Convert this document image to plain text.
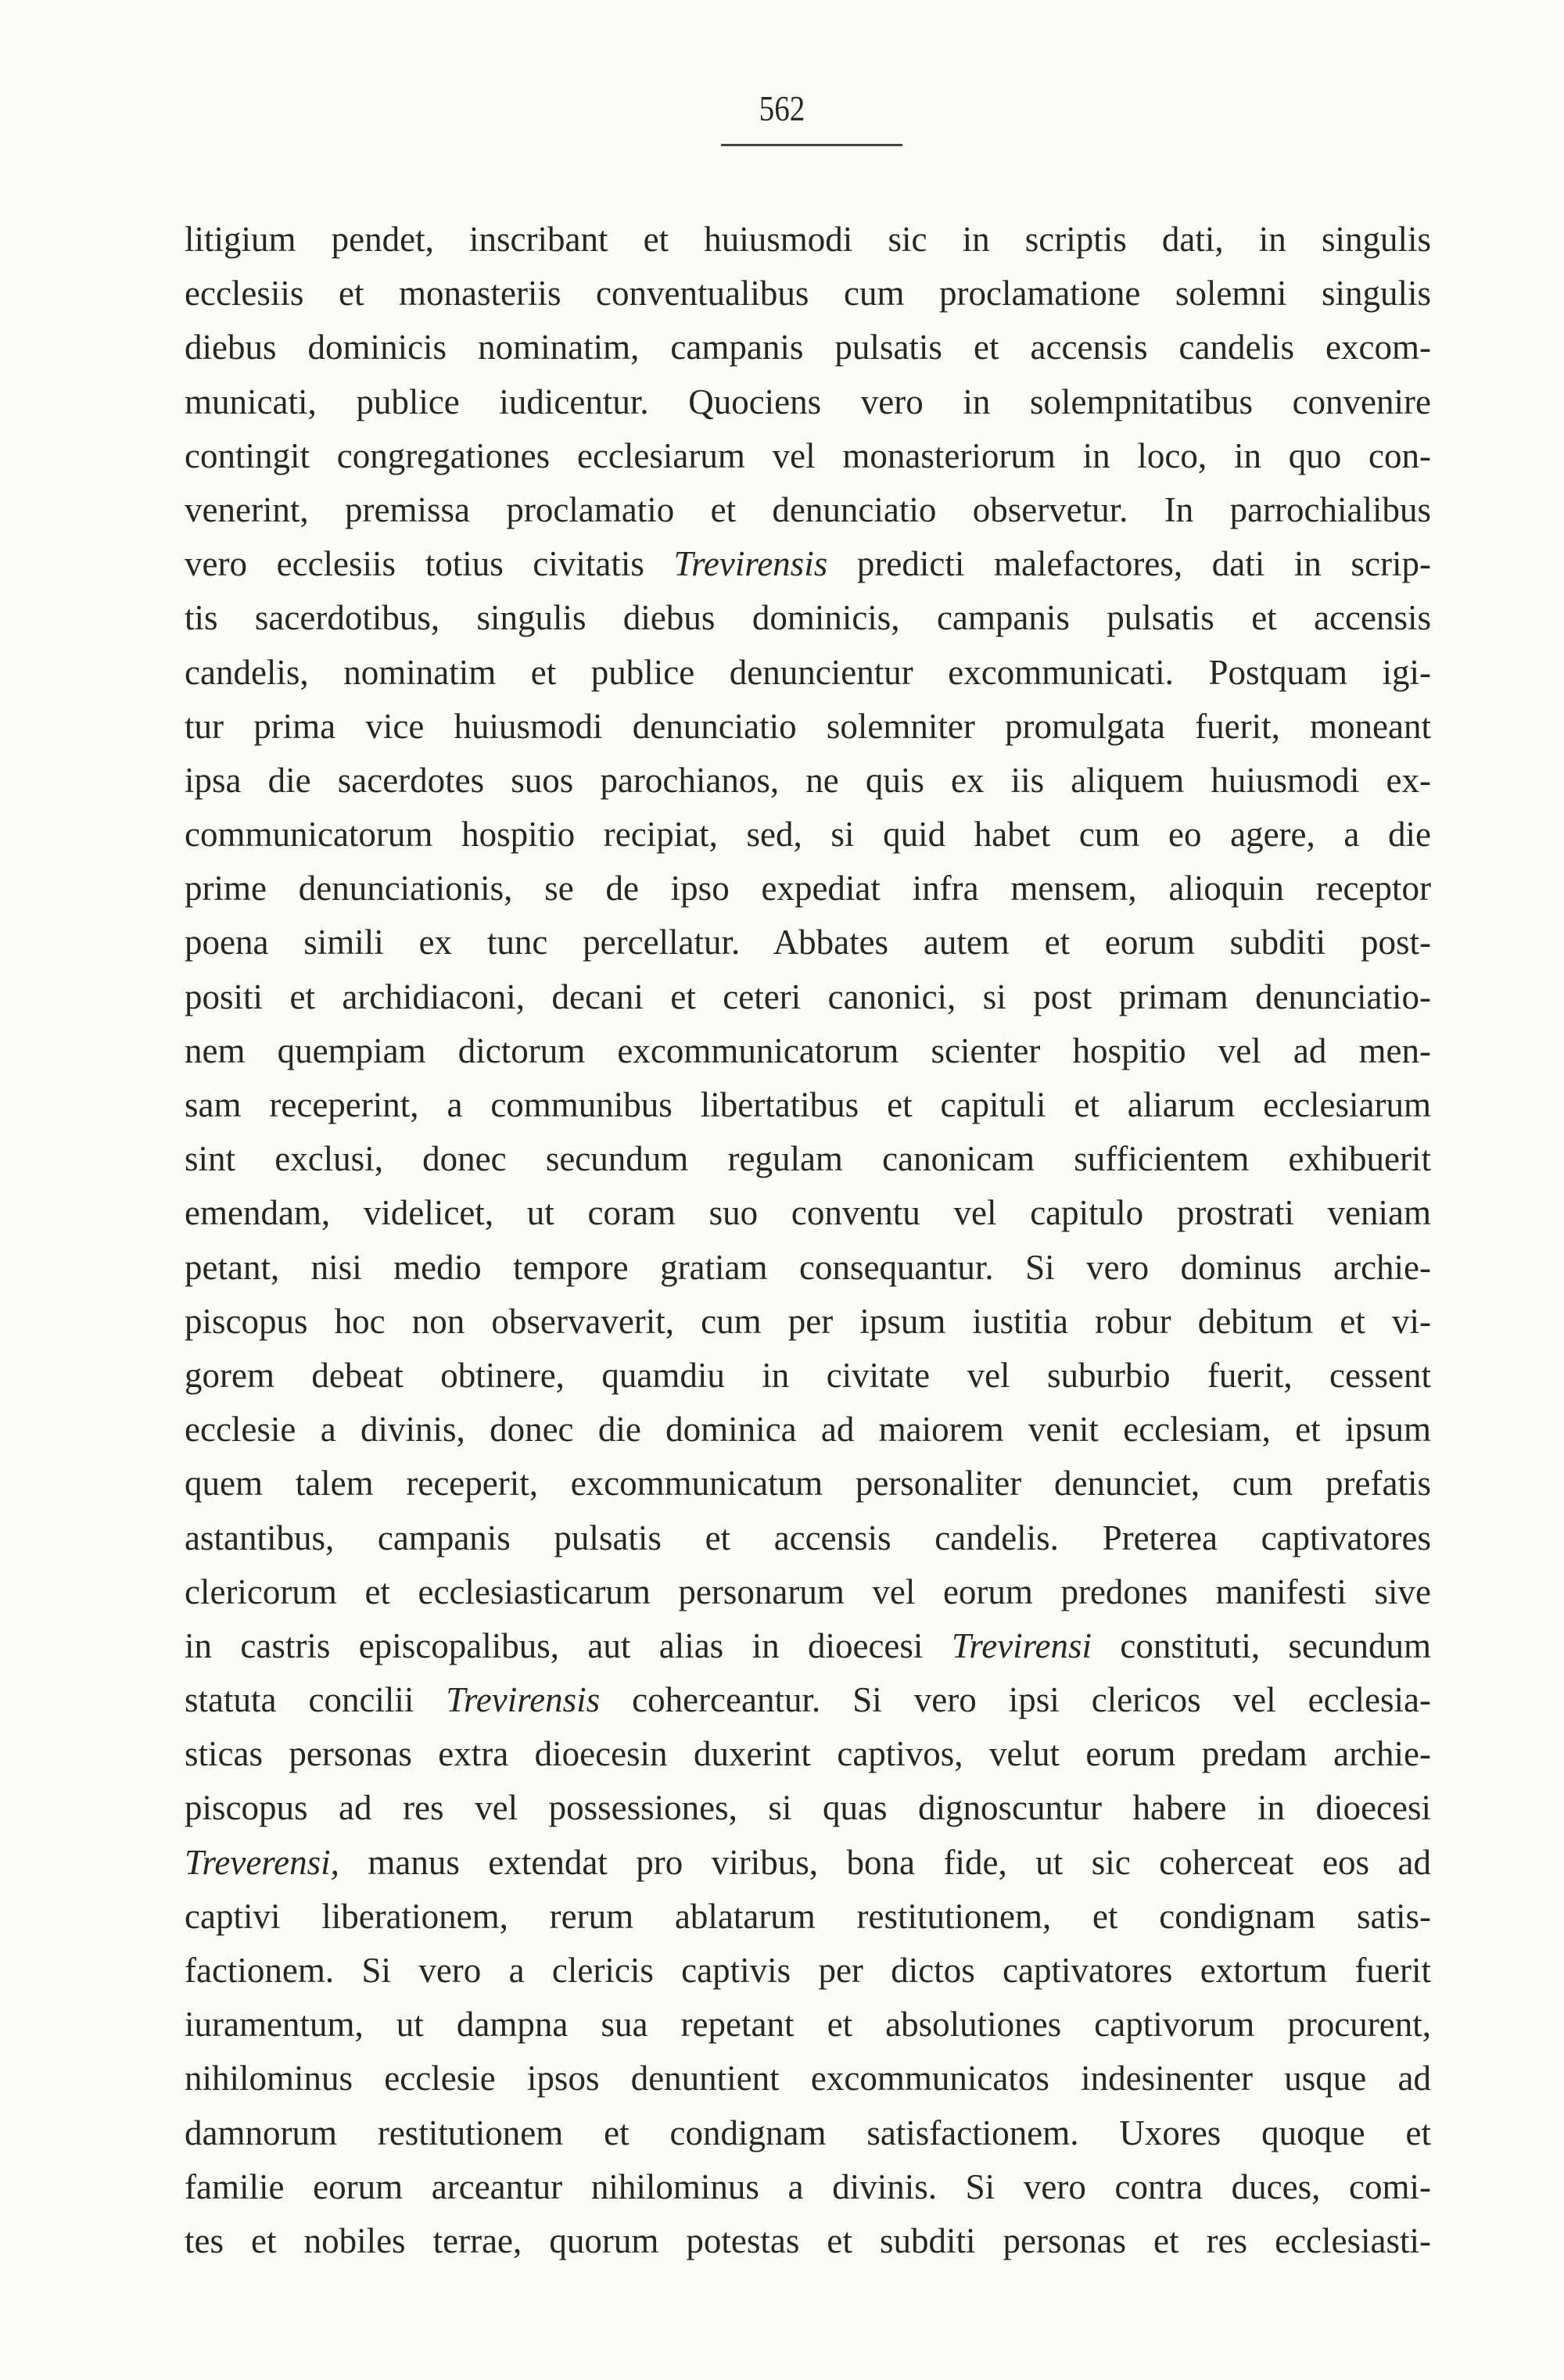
562
litigium pendet, inscribant et huiusmodi sic in scriptis dati, in singulis
ecclesiis et monasteriis conventualibus cum proclamatione solemni singulis
diebus dominicis nominatim, campanis pulsatis et accensis candelis excom-
municati, publice iudicentur. Quociens vero in solempnitatibus convenire
contingit congregationes ecclesiarum vel monasteriorum in loco, in quo con-
venerint, premissa proclamatio et denunciatio observetur. In parrochialibus
vero ecclesiis totius civitatis Trevirensis predicti malefactores, dati in scrip-
tis sacerdotibus, singulis diebus dominicis, campanis pulsatis et accensis
candelis, nominatim et publice denuncientur excommunicati. Postquam igi-
tur prima vice huiusmodi denunciatio solemniter promulgata fuerit, moneant
ipsa die sacerdotes suos parochianos, ne quis ex iis aliquem huiusmodi ex-
communicatorum hospitio recipiat, sed, si quid habet cum eo agere, a die
prime denunciationis, se de ipso expediat infra mensem, alioquin receptor
poena simili ex tunc percellatur. Abbates autem et eorum subditi post-
positi et archidiaconi, decani et ceteri canonici, si post primam denunciatio-
nem quempiam dictorum excommunicatorum scienter hospitio vel ad men-
sam receperint, a communibus libertatibus et capituli et aliarum ecclesiarum
sint exclusi, donec secundum regulam canonicam sufficientem exhibuerit
emendam, videlicet, ut coram suo conventu vel capitulo prostrati veniam
petant, nisi medio tempore gratiam consequantur. Si vero dominus archie-
piscopus hoc non observaverit, cum per ipsum iustitia robur debitum et vi-
gorem debeat obtinere, quamdiu in civitate vel suburbio fuerit, cessent
ecclesie a divinis, donec die dominica ad maiorem venit ecclesiam, et ipsum
quem talem receperit, excommunicatum personaliter denunciet, cum prefatis
astantibus, campanis pulsatis et accensis candelis. Preterea captivatores
clericorum et ecclesiasticarum personarum vel eorum predones manifesti sive
in castris episcopalibus, aut alias in dioecesi Trevirensi constituti, secundum
statuta concilii Trevirensis coherceantur. Si vero ipsi clericos vel ecclesia-
sticas personas extra dioecesin duxerint captivos, velut eorum predam archie-
piscopus ad res vel possessiones, si quas dignoscuntur habere in dioecesi
Treverensi, manus extendat pro viribus, bona fide, ut sic coherceat eos ad
captivi liberationem, rerum ablatarum restitutionem, et condignam satis-
factionem. Si vero a clericis captivis per dictos captivatores extortum fuerit
iuramentum, ut dampna sua repetant et absolutiones captivorum procurent,
nihilominus ecclesie ipsos denuntient excommunicatos indesinenter usque ad
damnorum restitutionem et condignam satisfactionem. Uxores quoque et
familie eorum arceantur nihilominus a divinis. Si vero contra duces, comi-
tes et nobiles terrae, quorum potestas et subditi personas et res ecclesiasti-
